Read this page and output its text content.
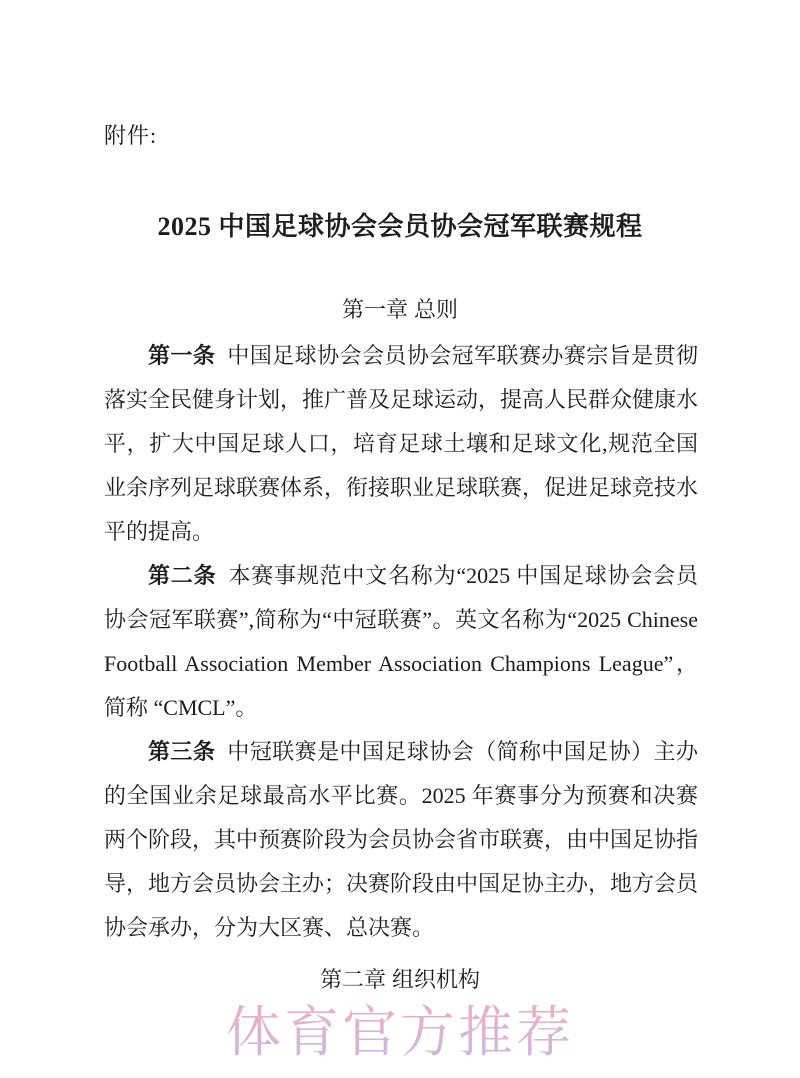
附件:
2025 中国足球协会会员协会冠军联赛规程
第一章 总则

第一条 中国足球协会会员协会冠军联赛办赛宗旨是贯彻落实全民健身计划，推广普及足球运动，提高人民群众健康水平，扩大中国足球人口，培育足球土壤和足球文化,规范全国业余序列足球联赛体系，衔接职业足球联赛，促进足球竞技水平的提高。

第二条 本赛事规范中文名称为“2025 中国足球协会会员协会冠军联赛”,简称为“中冠联赛”。英文名称为“2025 Chinese Football Association Member Association Champions League”，简称 “CMCL”。

第三条 中冠联赛是中国足球协会（简称中国足协）主办的全国业余足球最高水平比赛。2025 年赛事分为预赛和决赛两个阶段，其中预赛阶段为会员协会省市联赛，由中国足协指导，地方会员协会主办；决赛阶段由中国足协主办，地方会员协会承办，分为大区赛、总决赛。

第二章 组织机构
体育官方推荐
